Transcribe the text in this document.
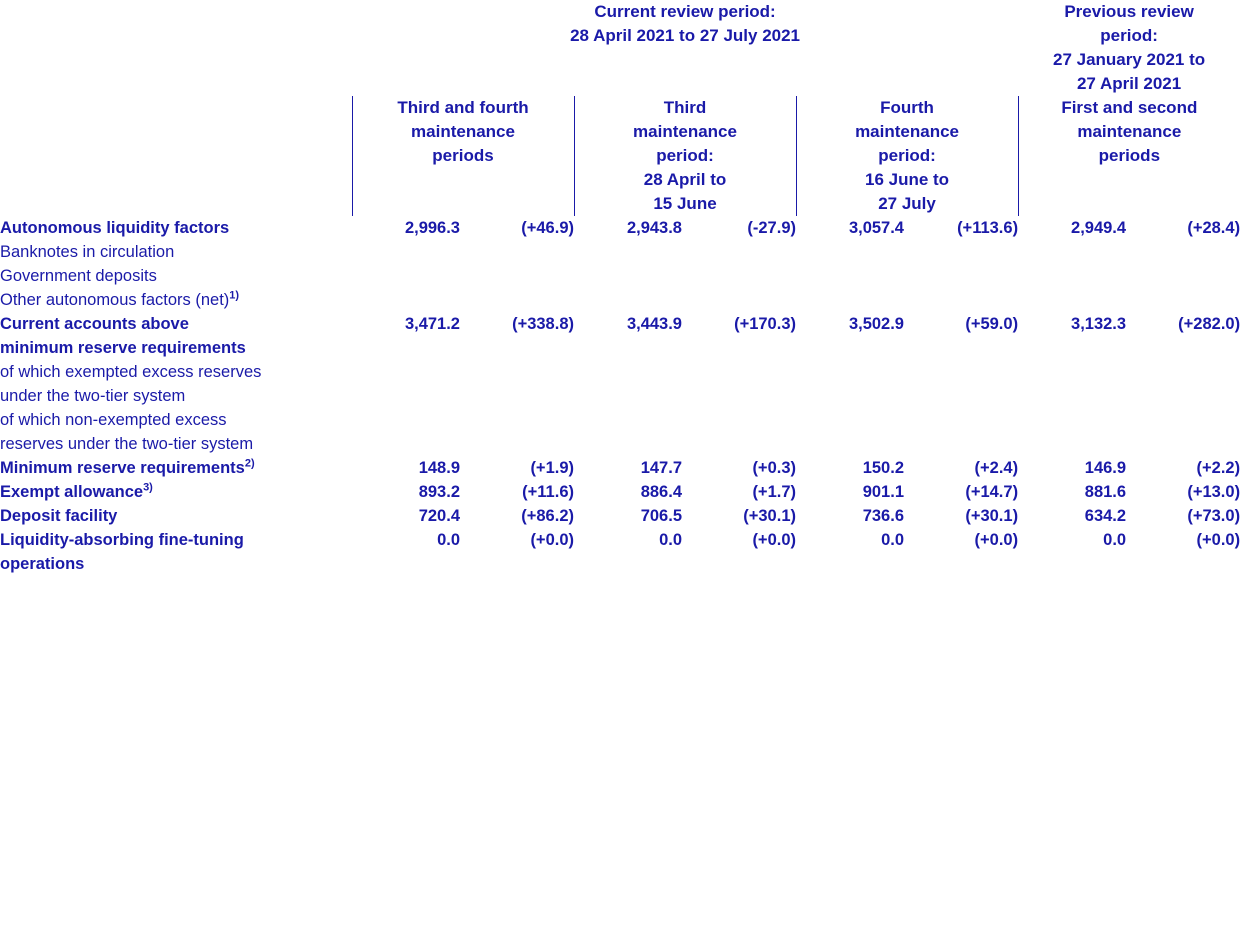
	Current review period:
28 April 2021 to 27 July 2021						Previous review
period:
27 January 2021 to
27 April 2021	

	Third and fourth
maintenance
periods		Third
maintenance
period:
28 April to
15 June		Fourth
maintenance
period:
16 June to
27 July		First and second
maintenance
periods	

Autonomous liquidity factors	2,996.3	(+46.9)	2,943.8	(-27.9)	3,057.4	(+113.6)	2,949.4	(+28.4)

Banknotes in circulation								

Government deposits								

Other autonomous factors (net)$^{1)}$

Current accounts above
minimum reserve requirements	3,471.2	(+338.8)	3,443.9	(+170.3)	3,502.9	(+59.0)	3,132.3	(+282.0)

of which exempted excess reserves
under the two-tier system								

of which non-exempted excess
reserves under the two-tier system								

Minimum reserve requirements$^{2)}$	148.9	(+1.9)	147.7	(+0.3)	150.2	(+2.4)	146.9	(+2.2)

Exempt allowance$^{3)}$	893.2	(+11.6)	886.4	(+1.7)	901.1	(+14.7)	881.6	(+13.0)

Deposit facility	720.4	(+86.2)	706.5	(+30.1)	736.6	(+30.1)	634.2	(+73.0)

Liquidity-absorbing fine-tuning
operations	0.0	(+0.0)	0.0	(+0.0)	0.0	(+0.0)	0.0	(+0.0)
